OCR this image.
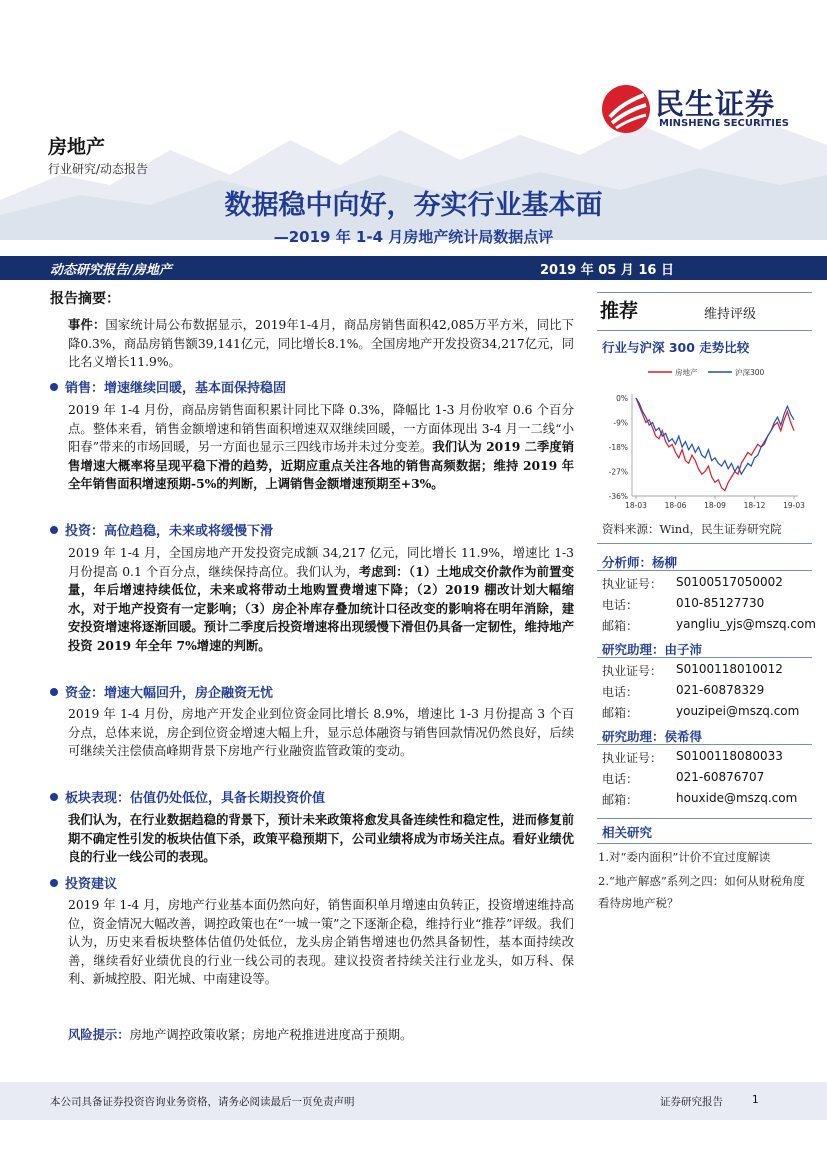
民生证券
MINSHENG SECURITIES
房地产
行业研究/动态报告
数据稳中向好，夯实行业基本面
—2019 年 1-4 月房地产统计局数据点评
动态研究报告/房地产	2019 年 05 月 16 日
报告摘要：
事件：国家统计局公布数据显示，2019年1-4月，商品房销售面积42,085万平方米，同比下降0.3%，商品房销售额39,141亿元，同比增长8.1%。全国房地产开发投资34,217亿元，同比名义增长11.9%。
销售：增速继续回暖，基本面保持稳固
2019 年 1-4 月份，商品房销售面积累计同比下降 0.3%，降幅比 1-3 月份收窄 0.6 个百分点。整体来看，销售金额增速和销售面积增速双双继续回暖，一方面体现出 3-4 月一二线“小阳春”带来的市场回暖，另一方面也显示三四线市场并未过分变差。我们认为 2019 二季度销售增速大概率将呈现平稳下滑的趋势，近期应重点关注各地的销售高频数据；维持 2019 年全年销售面积增速预期-5%的判断，上调销售金额增速预期至+3%。
投资：高位趋稳，未来或将缓慢下滑
2019 年 1-4 月，全国房地产开发投资完成额 34,217 亿元，同比增长 11.9%，增速比 1-3 月份提高 0.1 个百分点，继续保持高位。我们认为，考虑到：（1）土地成交价款作为前置变量，年后增速持续低位，未来或将带动土地购置费增速下降；（2）2019 棚改计划大幅缩水，对于地产投资有一定影响；（3）房企补库存叠加统计口径改变的影响将在明年消除，建安投资增速将逐渐回暖。预计二季度后投资增速将出现缓慢下滑但仍具备一定韧性，维持地产投资 2019 年全年 7%增速的判断。
资金：增速大幅回升，房企融资无忧
2019 年 1-4 月份，房地产开发企业到位资金同比增长 8.9%，增速比 1-3 月份提高 3 个百分点，总体来说，房企到位资金增速大幅上升，显示总体融资与销售回款情况仍然良好，后续可继续关注偿债高峰期背景下房地产行业融资监管政策的变动。
板块表现：估值仍处低位，具备长期投资价值
我们认为，在行业数据趋稳的背景下，预计未来政策将愈发具备连续性和稳定性，进而修复前期不确定性引发的板块估值下杀，政策平稳预期下，公司业绩将成为市场关注点。看好业绩优良的行业一线公司的表现。
投资建议
2019 年 1-4 月，房地产行业基本面仍然向好，销售面积单月增速由负转正，投资增速维持高位，资金情况大幅改善，调控政策也在“一城一策”之下逐渐企稳，维持行业“推荐”评级。我们认为，历史来看板块整体估值仍处低位，龙头房企销售增速也仍然具备韧性，基本面持续改善，继续看好业绩优良的行业一线公司的表现。建议投资者持续关注行业龙头，如万科、保利、新城控股、阳光城、中南建设等。
风险提示：房地产调控政策收紧；房地产税推进进度高于预期。
推荐	维持评级
行业与沪深 300 走势比较
房地产	沪深300
0%
-9%
-18%
-27%
-36%
18-03 18-06 18-09 18-12 19-03
资料来源：Wind，民生证券研究院
分析师：杨柳
执业证号： S0100517050002
电话：	010-85127730
邮箱：	yangliu_yjs@mszq.com
研究助理：由子沛
执业证号： S0100118010012
电话：	021-60878329
邮箱：	youzipei@mszq.com
研究助理：侯希得
执业证号： S0100118080033
电话：	021-60876707
邮箱：	houxide@mszq.com
相关研究
1.对“委内面积”计价不宜过度解读
2.“地产解惑”系列之四：如何从财税角度看待房地产税？
本公司具备证券投资咨询业务资格，请务必阅读最后一页免责声明	证券研究报告	1
